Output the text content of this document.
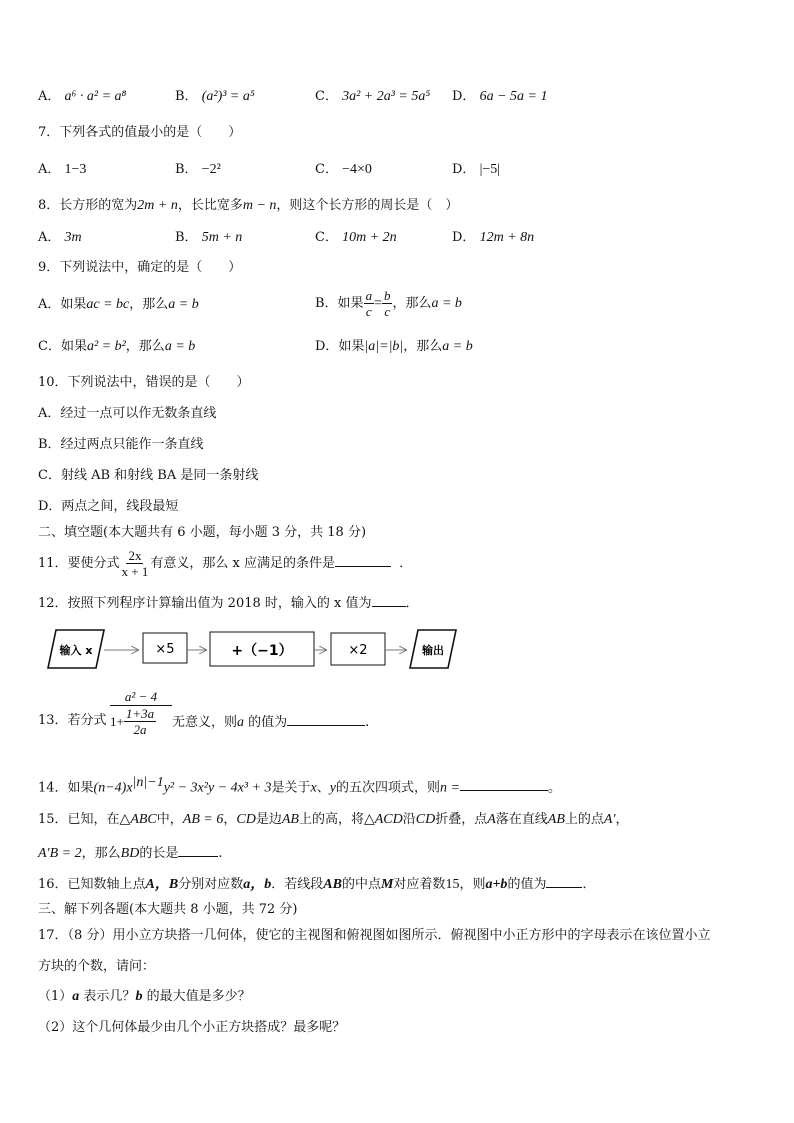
A． a⁶ · a² = a⁸	B． (a²)³ = a⁵	C． 3a² + 2a³ = 5a⁵ D． 6a − 5a = 1
7．下列各式的值最小的是（　　）
A． 1−3	B． −2²	C． −4×0	D． |−5|
8．长方形的宽为2m + n，长比宽多m − n，则这个长方形的周长是（　）
A． 3m	B． 5m + n	C． 10m + 2n	D． 12m + 8n
9．下列说法中，确定的是（　　）
A．如果ac = bc，那么a = b	B．如果 $\frac{a}{c} = \frac{b}{c}$ ，那么a = b
C．如果a² = b²，那么a = b	D．如果|a|=|b|，那么a = b
10．下列说法中，错误的是（　　）
A．经过一点可以作无数条直线
B．经过两点只能作一条直线
C．射线 AB 和射线 BA 是同一条射线
D．两点之间，线段最短
二、填空题(本大题共有 6 小题，每小题 3 分，共 18 分)
11．要使分式 $\frac{2x}{x + 1}$ 有意义，那么 x 应满足的条件是	．
12．按照下列程序计算输出值为 2018 时，输入的 x 值为	．
输入 x	×5	+（−1）	×2	输出
13．若分式
a² − 4
$1+ \frac{1+3a}{2a}$ 无意义，则a 的值为	.
14．如果$(n-4)x^{|n|-1}y^2 - 3x^2y - 4x^3 + 3$是关于x、y的五次四项式，则n =	。
15．已知，在△ABC中，AB = 6，CD是边AB上的高，将△ACD沿CD折叠，点A落在直线AB上的点A′，
A′B = 2，那么BD的长是	.
16．已知数轴上点A，B分别对应数a，b．若线段AB的中点M对应着数15，则a+b的值为	．
三、解下列各题(本大题共 8 小题，共 72 分)
17．（8 分）用小立方块搭一几何体，使它的主视图和俯视图如图所示．俯视图中小正方形中的字母表示在该位置小立
方块的个数，请问：
（1）a 表示几？b 的最大值是多少？
（2）这个几何体最少由几个小正方块搭成？最多呢？
